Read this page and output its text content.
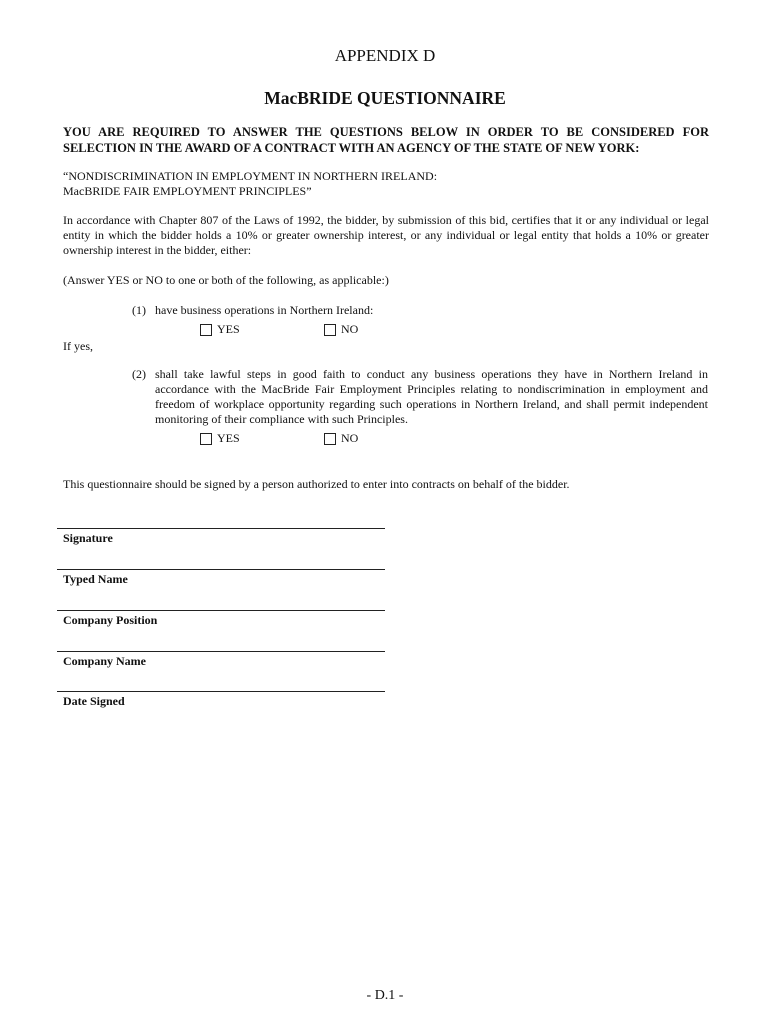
APPENDIX D
MacBRIDE QUESTIONNAIRE
YOU ARE REQUIRED TO ANSWER THE QUESTIONS BELOW IN ORDER TO BE CONSIDERED FOR SELECTION IN THE AWARD OF A CONTRACT WITH AN AGENCY OF THE STATE OF NEW YORK:
“NONDISCRIMINATION IN EMPLOYMENT IN NORTHERN IRELAND:
MacBRIDE FAIR EMPLOYMENT PRINCIPLES”
In accordance with Chapter 807 of the Laws of 1992, the bidder, by submission of this bid, certifies that it or any individual or legal entity in which the bidder holds a 10% or greater ownership interest, or any individual or legal entity that holds a 10% or greater ownership interest in the bidder, either:
(Answer YES or NO to one or both of the following, as applicable:)
(1) have business operations in Northern Ireland:
YES	NO
If yes,
(2) shall take lawful steps in good faith to conduct any business operations they have in Northern Ireland in accordance with the MacBride Fair Employment Principles relating to nondiscrimination in employment and freedom of workplace opportunity regarding such operations in Northern Ireland, and shall permit independent monitoring of their compliance with such Principles.
YES	NO
This questionnaire should be signed by a person authorized to enter into contracts on behalf of the bidder.
Signature
Typed Name
Company Position
Company Name
Date Signed
- D.1 -
